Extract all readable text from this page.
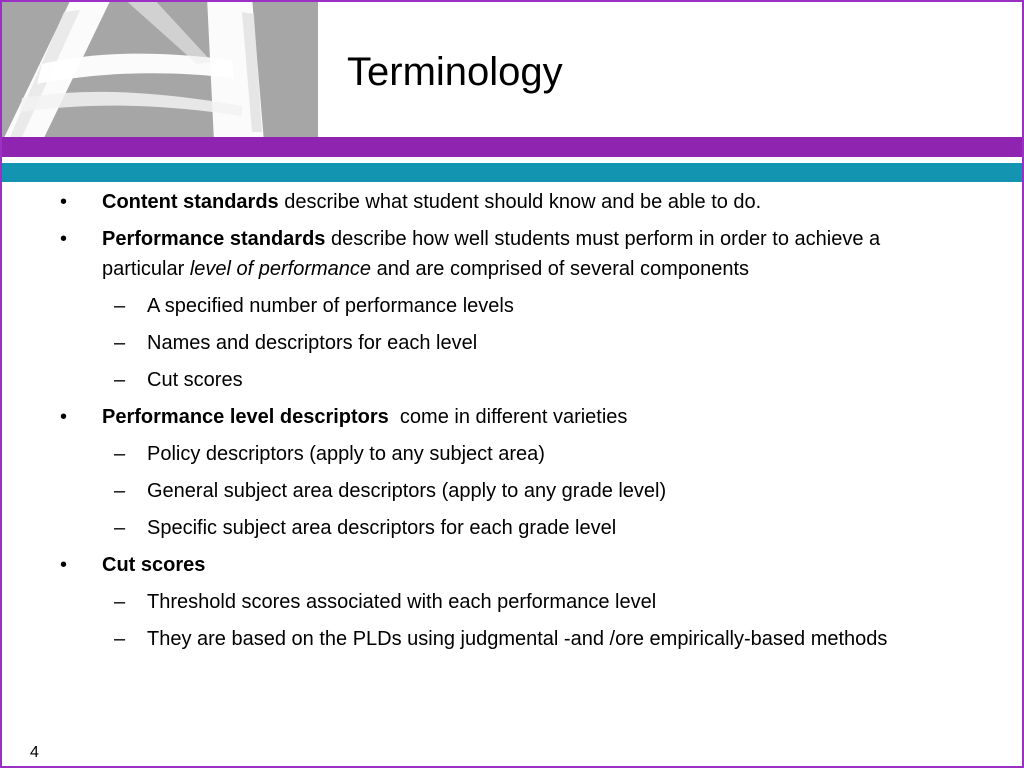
Terminology
• Content standards describe what student should know and be able to do.
• Performance standards describe how well students must perform in order to achieve a particular level of performance and are comprised of several components
– A specified number of performance levels
– Names and descriptors for each level
– Cut scores
• Performance level descriptors  come in different varieties
– Policy descriptors (apply to any subject area)
– General subject area descriptors (apply to any grade level)
– Specific subject area descriptors for each grade level
• Cut scores
– Threshold scores associated with each performance level
– They are based on the PLDs using judgmental -and /ore empirically-based methods
4
